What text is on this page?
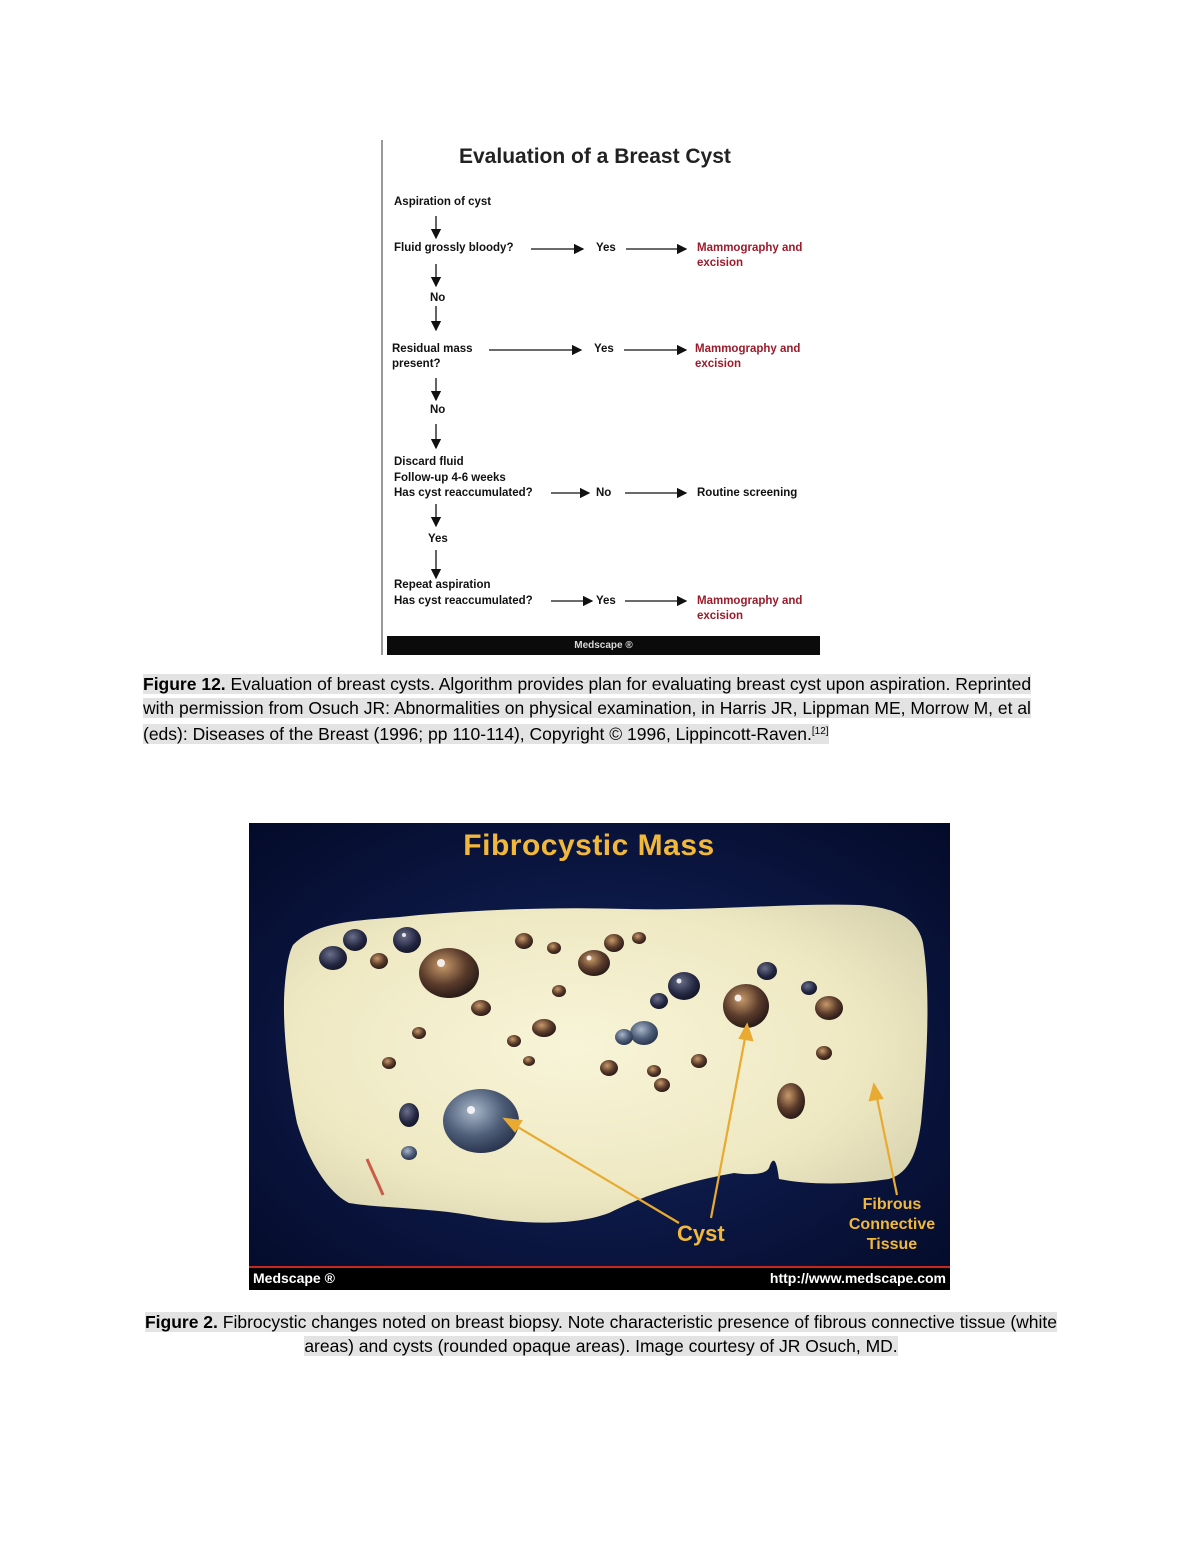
Evaluation of a Breast Cyst
Aspiration of cyst
Fluid grossly bloody?	Yes	Mammography and
excision
No
Residual mass
present?
Yes	Mammography and
excision
No
Discard fluid
Follow-up 4-6 weeks
Has cyst reaccumulated?	No	Routine screening
Yes
Repeat aspiration
Has cyst reaccumulated?	Yes	Mammography and
excision
Medscape ®
Figure 12. Evaluation of breast cysts. Algorithm provides plan for evaluating breast cyst upon aspiration. Reprinted with permission from Osuch JR: Abnormalities on physical examination, in Harris JR, Lippman ME, Morrow M, et al (eds): Diseases of the Breast (1996; pp 110-114), Copyright © 1996, Lippincott-Raven.[12]
Fibrocystic Mass
Cyst
Fibrous
Connective
Tissue
Medscape ®	http://www.medscape.com
Figure 2. Fibrocystic changes noted on breast biopsy. Note characteristic presence of fibrous connective tissue (white areas) and cysts (rounded opaque areas). Image courtesy of JR Osuch, MD.
